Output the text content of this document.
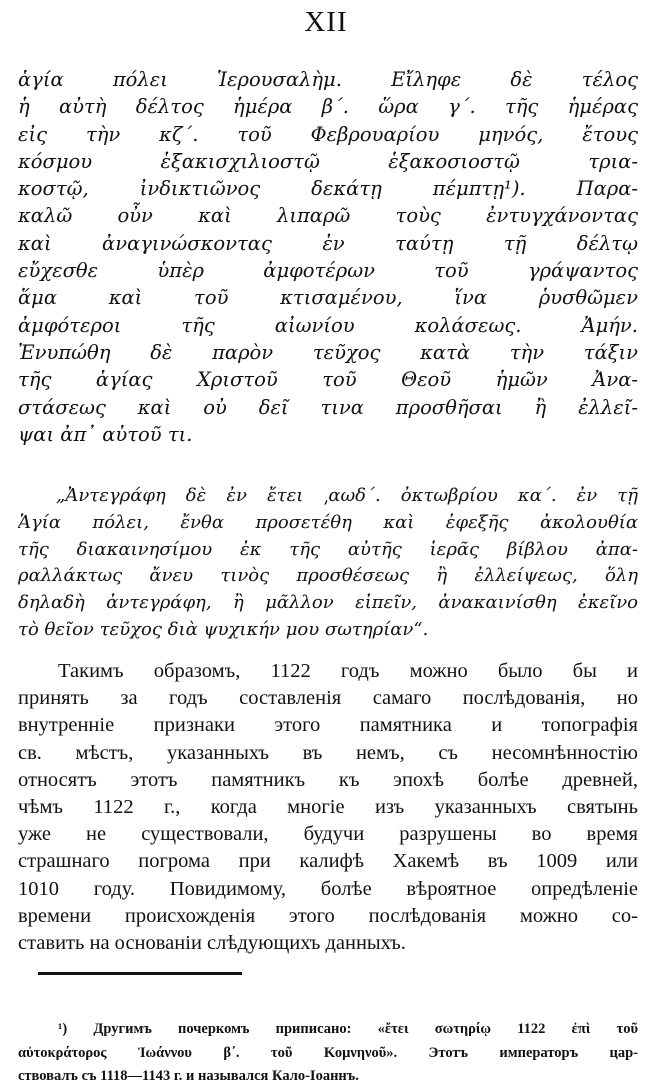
XII
ἁγία πόλει Ἱερουσαλὴμ. Εἴληφε δὲ τέλος
ἡ αὐτὴ δέλτος ἡμέρα β΄. ὥρα γ΄. τῆς ἡμέρας
εἰς τὴν κζ΄. τοῦ Φεβρουαρίου μηνός, ἔτους
κόσμου ἑξακισχιλιοστῷ ἑξακοσιοστῷ τρια-
κοστῷ, ἰνδικτιῶνος δεκάτῃ πέμπτῃ¹). Παρα-
καλῶ οὖν καὶ λιπαρῶ τοὺς ἐντυγχάνοντας
καὶ ἀναγινώσκοντας ἐν ταύτῃ τῇ δέλτῳ
εὔχεσθε ὑπὲρ ἀμφοτέρων τοῦ γράψαντος
ἅμα καὶ τοῦ κτισαμένου, ἵνα ῥυσθῶμεν
ἀμφότεροι τῆς αἰωνίου κολάσεως. Ἀμήν.
Ἐνυπώθη δὲ παρὸν τεῦχος κατὰ τὴν τάξιν
τῆς ἁγίας Χριστοῦ τοῦ Θεοῦ ἡμῶν Ἀνα-
στάσεως καὶ οὐ δεῖ τινα προσθῆσαι ἢ ἐλλεῖ-
ψαι ἀπ᾽ αὐτοῦ τι.
„Ἀντεγράφη δὲ ἐν ἔτει ͵αωδ΄. ὀκτωβρίου κα΄. ἐν τῇ
Ἁγία πόλει, ἔνθα προσετέθη καὶ ἐφεξῆς ἀκολουθία
τῆς διακαινησίμου ἐκ τῆς αὐτῆς ἱερᾶς βίβλου ἀπα-
ραλλάκτως ἄνευ τινὸς προσθέσεως ἢ ἐλλείψεως, ὅλη
δηλαδὴ ἀντεγράφη, ἢ μᾶλλον εἰπεῖν, ἀνακαινίσθη ἐκεῖνο
τὸ θεῖον τεῦχος διὰ ψυχικήν μου σωτηρίαν“.
Такимъ образомъ, 1122 годъ можно было бы и
принять за годъ составленія самаго послѣдованія, но
внутренніе признаки этого памятника и топографія
св. мѣстъ, указанныхъ въ немъ, съ несомнѣнностію
относятъ этотъ памятникъ къ эпохѣ болѣе древней,
чѣмъ 1122 г., когда многіе изъ указанныхъ святынь
уже не существовали, будучи разрушены во время
страшнаго погрома при калифѣ Хакемѣ въ 1009 или
1010 году. Повидимому, болѣе вѣроятное опредѣленіе
времени происхожденія этого послѣдованія можно со-
ставить на основаніи слѣдующихъ данныхъ.
¹) Другимъ почеркомъ приписано: «ἔτει σωτηρίῳ 1122 ἐπὶ τοῦ
αὐτοκράτορος Ἰωάννου β΄. τοῦ Κομνηνοῦ». Этотъ императоръ цар-
ствовалъ съ 1118—1143 г. и назывался Кало-Іоаннъ.
